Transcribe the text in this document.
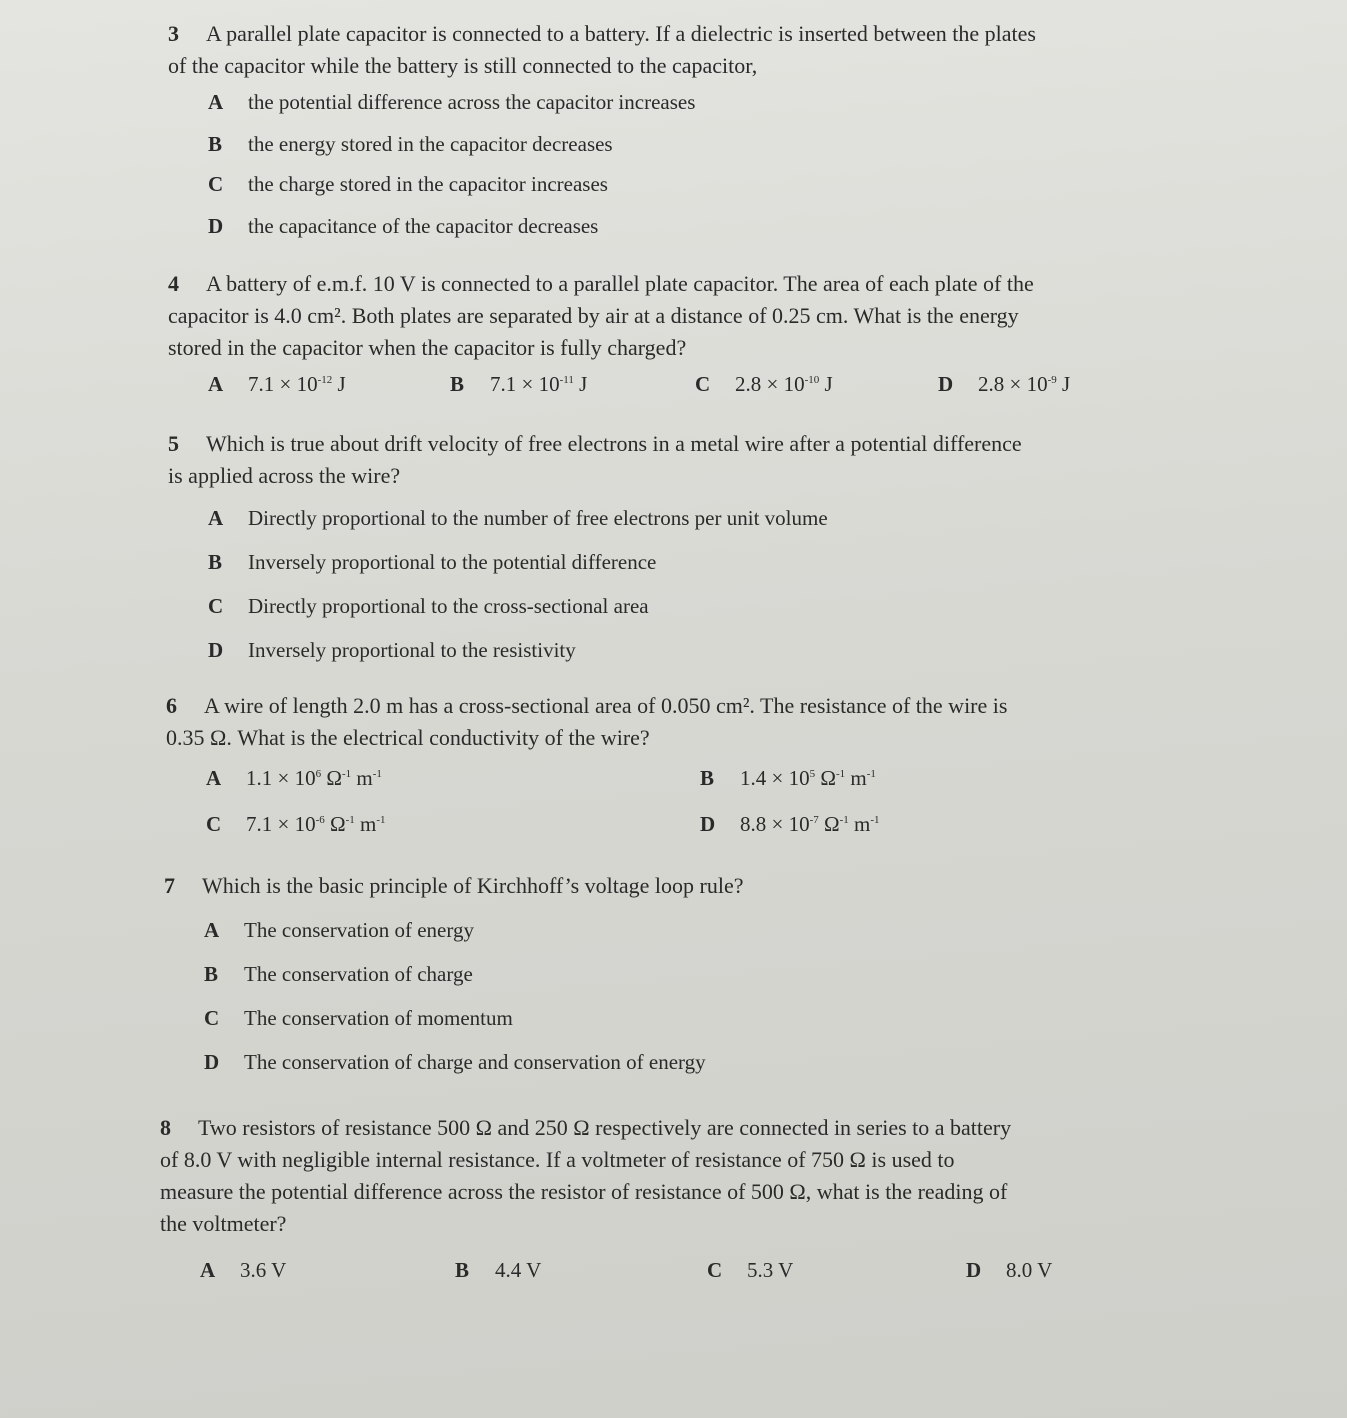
3 A parallel plate capacitor is connected to a battery. If a dielectric is inserted between the plates

of the capacitor while the battery is still connected to the capacitor,

A the potential difference across the capacitor increases
B the energy stored in the capacitor decreases
C the charge stored in the capacitor increases
D the capacitance of the capacitor decreases

4 A battery of e.m.f. 10 V is connected to a parallel plate capacitor. The area of each plate of the

capacitor is 4.0 cm². Both plates are separated by air at a distance of 0.25 cm. What is the energy

stored in the capacitor when the capacitor is fully charged?

A $7.1 \times 10^{-12}$ J	B $7.1 \times 10^{-11}$ J	C $2.8 \times 10^{-10}$ J	D $2.8 \times 10^{-9}$ J

5 Which is true about drift velocity of free electrons in a metal wire after a potential difference

is applied across the wire?

A Directly proportional to the number of free electrons per unit volume
B Inversely proportional to the potential difference
C Directly proportional to the cross-sectional area
D Inversely proportional to the resistivity

6 A wire of length 2.0 m has a cross-sectional area of 0.050 cm². The resistance of the wire is

0.35 Ω. What is the electrical conductivity of the wire?

A $1.1 \times 10^6$ $\Omega^{-1}$ $m^{-1}$	B $1.4 \times 10^5$ $\Omega^{-1}$ $m^{-1}$
C $7.1 \times 10^{-6}$ $\Omega^{-1}$ $m^{-1}$	D $8.8 \times 10^{-7}$ $\Omega^{-1}$ $m^{-1}$

7 Which is the basic principle of Kirchhoff’s voltage loop rule?

A The conservation of energy
B The conservation of charge
C The conservation of momentum
D The conservation of charge and conservation of energy

8 Two resistors of resistance 500 Ω and 250 Ω respectively are connected in series to a battery

of 8.0 V with negligible internal resistance. If a voltmeter of resistance of 750 Ω is used to

measure the potential difference across the resistor of resistance of 500 Ω, what is the reading of

the voltmeter?

A 3.6 V	B 4.4 V	C 5.3 V	D 8.0 V
